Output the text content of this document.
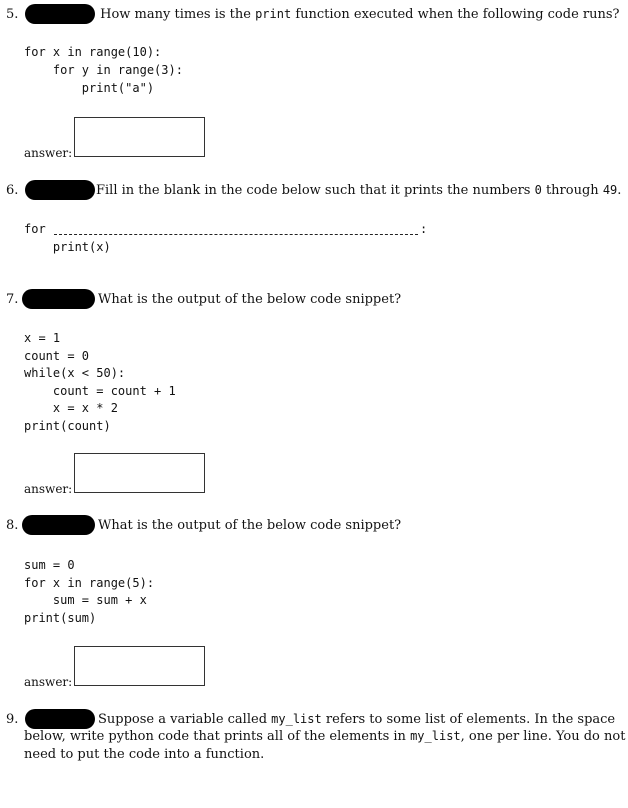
5.	How many times is the print function executed when the following code runs?
for x in range(10):
for y in range(3):
print("a")
answer:
6.	Fill in the blank in the code below such that it prints the numbers 0 through 49.
for	:
print(x)
7.	What is the output of the below code snippet?
x = 1
count = 0
while(x < 50):
count = count + 1
x = x * 2
print(count)
answer:
8.	What is the output of the below code snippet?
sum = 0
for x in range(5):
sum = sum + x
print(sum)
answer:
9.	Suppose a variable called my_list refers to some list of elements. In the space
below, write python code that prints all of the elements in my_list, one per line. You do not
need to put the code into a function.
